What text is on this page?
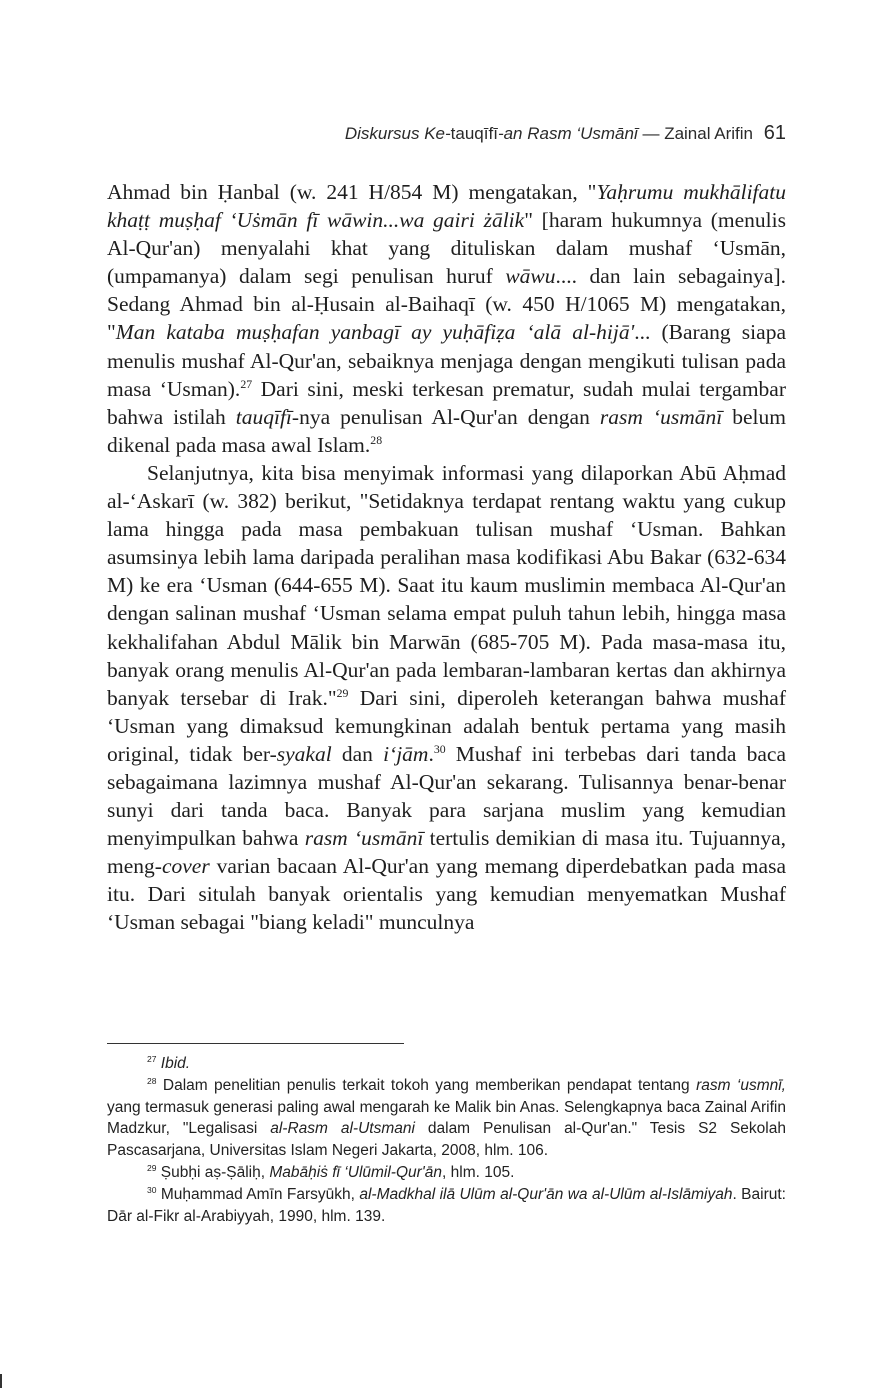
Diskursus Ke-tauqīfī-an Rasm ‘Usmānī — Zainal Arifin 61

Ahmad bin Ḥanbal (w. 241 H/854 M) mengatakan, "Yaḥrumu mukhālifatu khaṭṭ muṣḥaf ‘Uṡmān fī wāwin...wa gairi żālik" [haram hukumnya (menulis Al-Qur'an) menyalahi khat yang dituliskan dalam mushaf ‘Usmān, (umpamanya) dalam segi penulisan huruf wāwu.... dan lain sebagainya]. Sedang Ahmad bin al-Ḥusain al-Baihaqī (w. 450 H/1065 M) mengatakan, "Man kataba muṣḥafan yanbagī ay yuḥāfiẓa ‘alā al-hijā'... (Barang siapa menulis mushaf Al-Qur'an, sebaiknya menjaga dengan mengikuti tulisan pada masa ‘Usman).$^{27}$ Dari sini, meski terkesan prematur, sudah mulai tergambar bahwa istilah tauqīfī-nya penulisan Al-Qur'an dengan rasm ‘usmānī belum dikenal pada masa awal Islam.$^{28}$

Selanjutnya, kita bisa menyimak informasi yang dilaporkan Abū Aḥmad al-‘Askarī (w. 382) berikut, "Setidaknya terdapat rentang waktu yang cukup lama hingga pada masa pembakuan tulisan mushaf ‘Usman. Bahkan asumsinya lebih lama daripada peralihan masa kodifikasi Abu Bakar (632-634 M) ke era ‘Usman (644-655 M). Saat itu kaum muslimin membaca Al-Qur'an dengan salinan mushaf ‘Usman selama empat puluh tahun lebih, hingga masa kekhalifahan Abdul Mālik bin Marwān (685-705 M). Pada masa-masa itu, banyak orang menulis Al-Qur'an pada lembaran-lambaran kertas dan akhirnya banyak tersebar di Irak."$^{29}$ Dari sini, diperoleh keterangan bahwa mushaf ‘Usman yang dimaksud kemungkinan adalah bentuk pertama yang masih original, tidak ber-syakal dan i‘jām.$^{30}$ Mushaf ini terbebas dari tanda baca sebagaimana lazimnya mushaf Al-Qur'an sekarang. Tulisannya benar-benar sunyi dari tanda baca. Banyak para sarjana muslim yang kemudian menyimpulkan bahwa rasm ‘usmānī tertulis demikian di masa itu. Tujuannya, meng-cover varian bacaan Al-Qur'an yang memang diperdebatkan pada masa itu. Dari situlah banyak orientalis yang kemudian menyematkan Mushaf ‘Usman sebagai "biang keladi" munculnya

$^{27}$ Ibid.

$^{28}$ Dalam penelitian penulis terkait tokoh yang memberikan pendapat tentang rasm ‘usmnī, yang termasuk generasi paling awal mengarah ke Malik bin Anas. Selengkapnya baca Zainal Arifin Madzkur, "Legalisasi al-Rasm al-Utsmani dalam Penulisan al-Qur'an." Tesis S2 Sekolah Pascasarjana, Universitas Islam Negeri Jakarta, 2008, hlm. 106.

$^{29}$ Ṣubḥi aṣ-Ṣāliḥ, Mabāḥiṡ fī ‘Ulūmil-Qur'ān, hlm. 105.

$^{30}$ Muḥammad Amīn Farsyūkh, al-Madkhal ilā Ulūm al-Qur'ān wa al-Ulūm al-Islāmiyah. Bairut: Dār al-Fikr al-Arabiyyah, 1990, hlm. 139.
